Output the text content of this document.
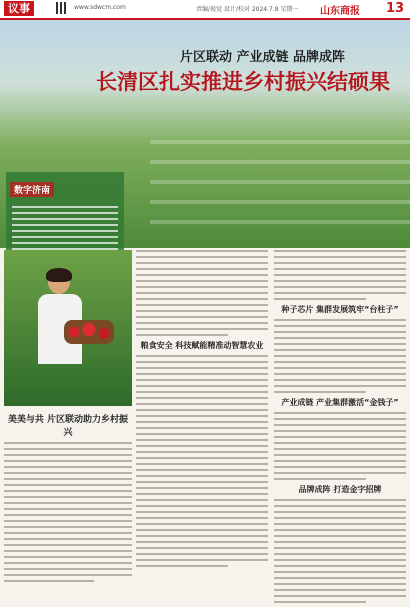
议事	www.sdwcm.com	责编/视觉 设计/校对 2024.7.8 星期一 山东商报 13
片区联动 产业成链 品牌成阵
长清区扎实推进乡村振兴结硕果
数字济南
粮食安全 科技赋能精准动智慧农业
种子芯片 集群发展筑牢“台柱子”
产业成链 产业集群激活“金钱子”
品牌成阵 打造金字招牌
美美与共 片区联动助力乡村振兴
